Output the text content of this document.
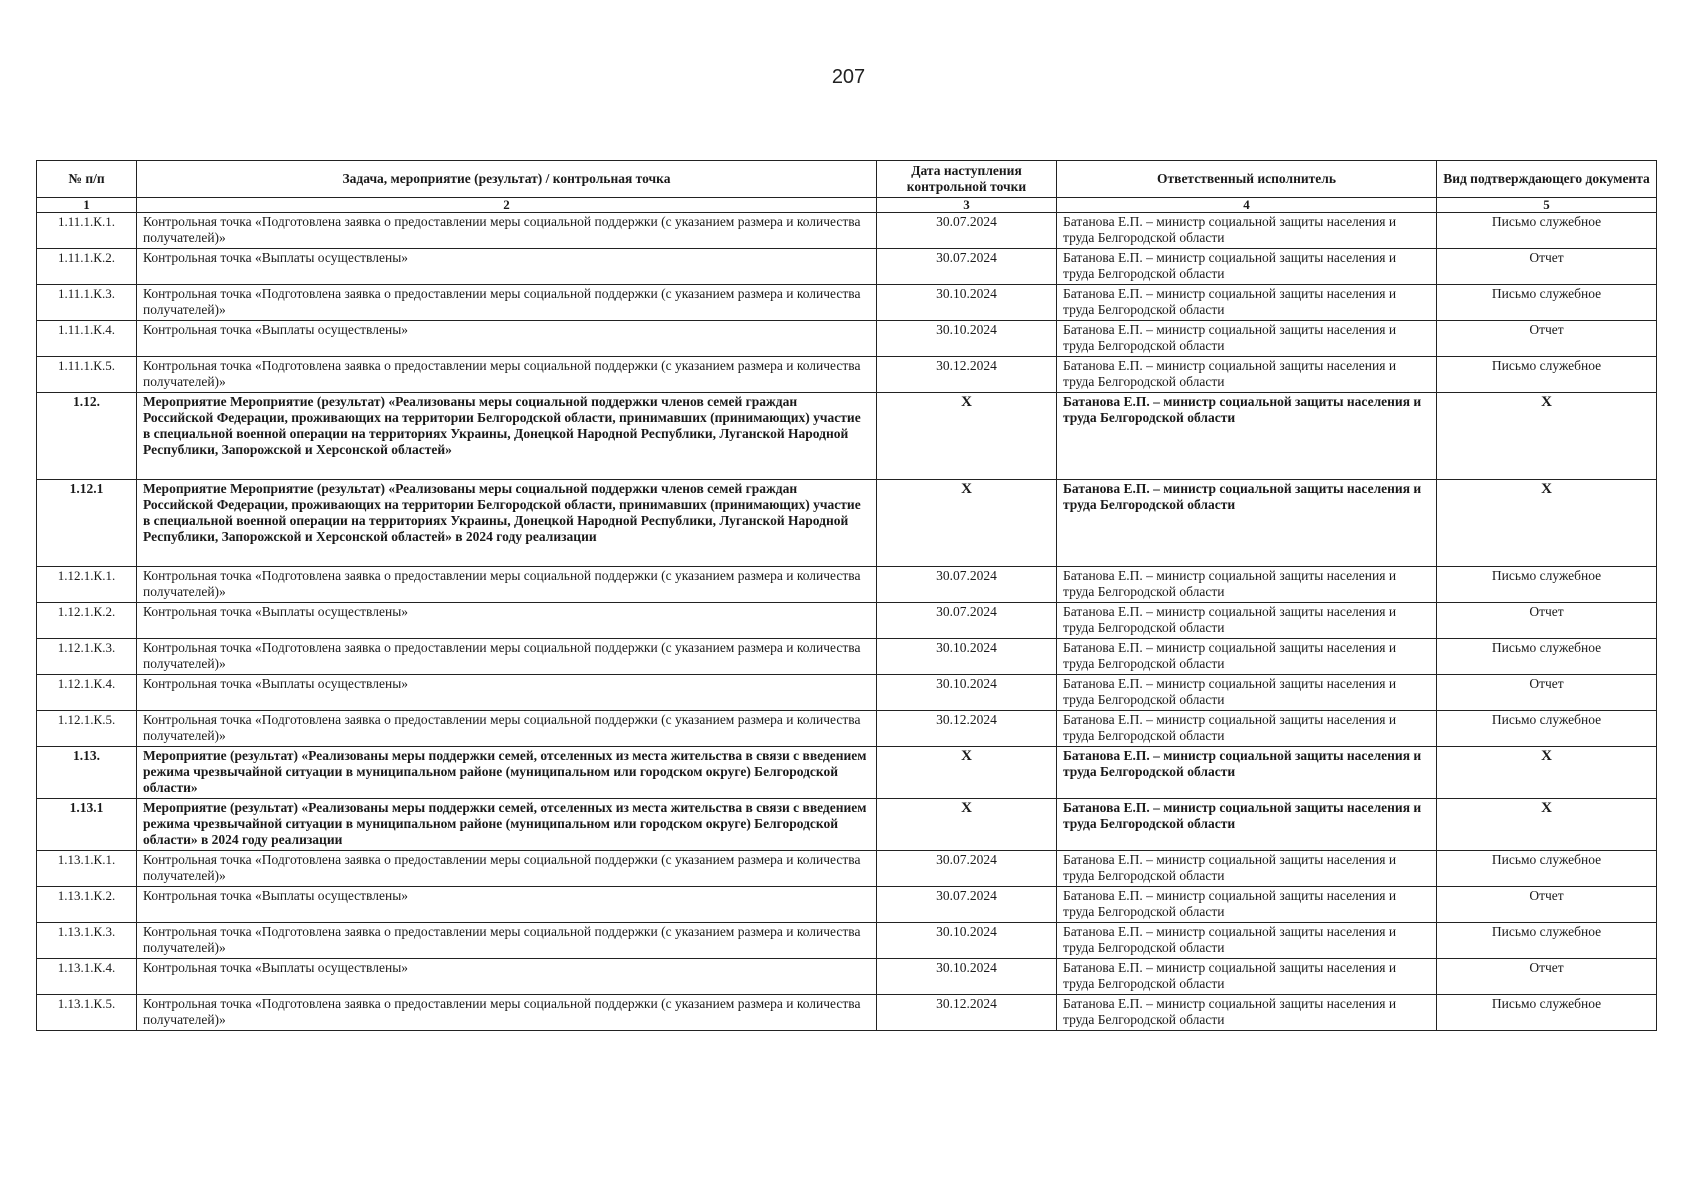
207
№ п/п	Задача, мероприятие (результат) / контрольная точка	Дата наступления контрольной точки	Ответственный исполнитель	Вид подтверждающего документа
1	2	3	4	5
1.11.1.К.1.	Контрольная точка «Подготовлена заявка о предоставлении меры социальной поддержки (с указанием размера и количества получателей)»	30.07.2024	Батанова Е.П. – министр социальной защиты населения и труда Белгородской области	Письмо служебное
1.11.1.К.2.	Контрольная точка «Выплаты осуществлены»	30.07.2024	Батанова Е.П. – министр социальной защиты населения и труда Белгородской области	Отчет
1.11.1.К.3.	Контрольная точка «Подготовлена заявка о предоставлении меры социальной поддержки (с указанием размера и количества получателей)»	30.10.2024	Батанова Е.П. – министр социальной защиты населения и труда Белгородской области	Письмо служебное
1.11.1.К.4.	Контрольная точка «Выплаты осуществлены»	30.10.2024	Батанова Е.П. – министр социальной защиты населения и труда Белгородской области	Отчет
1.11.1.К.5.	Контрольная точка «Подготовлена заявка о предоставлении меры социальной поддержки (с указанием размера и количества получателей)»	30.12.2024	Батанова Е.П. – министр социальной защиты населения и труда Белгородской области	Письмо служебное
1.12.	Мероприятие Мероприятие (результат) «Реализованы меры социальной поддержки членов семей граждан Российской Федерации, проживающих на территории Белгородской области, принимавших (принимающих) участие в специальной военной операции на территориях Украины, Донецкой Народной Республики, Луганской Народной Республики, Запорожской и Херсонской областей»	X	Батанова Е.П. – министр социальной защиты населения и труда Белгородской области	X
1.12.1	Мероприятие Мероприятие (результат) «Реализованы меры социальной поддержки членов семей граждан Российской Федерации, проживающих на территории Белгородской области, принимавших (принимающих) участие в специальной военной операции на территориях Украины, Донецкой Народной Республики, Луганской Народной Республики, Запорожской и Херсонской областей» в 2024 году реализации	X	Батанова Е.П. – министр социальной защиты населения и труда Белгородской области	X
1.12.1.К.1.	Контрольная точка «Подготовлена заявка о предоставлении меры социальной поддержки (с указанием размера и количества получателей)»	30.07.2024	Батанова Е.П. – министр социальной защиты населения и труда Белгородской области	Письмо служебное
1.12.1.К.2.	Контрольная точка «Выплаты осуществлены»	30.07.2024	Батанова Е.П. – министр социальной защиты населения и труда Белгородской области	Отчет
1.12.1.К.3.	Контрольная точка «Подготовлена заявка о предоставлении меры социальной поддержки (с указанием размера и количества получателей)»	30.10.2024	Батанова Е.П. – министр социальной защиты населения и труда Белгородской области	Письмо служебное
1.12.1.К.4.	Контрольная точка «Выплаты осуществлены»	30.10.2024	Батанова Е.П. – министр социальной защиты населения и труда Белгородской области	Отчет
1.12.1.К.5.	Контрольная точка «Подготовлена заявка о предоставлении меры социальной поддержки (с указанием размера и количества получателей)»	30.12.2024	Батанова Е.П. – министр социальной защиты населения и труда Белгородской области	Письмо служебное
1.13.	Мероприятие (результат) «Реализованы меры поддержки семей, отселенных из места жительства в связи с введением режима чрезвычайной ситуации в муниципальном районе (муниципальном или городском округе) Белгородской области»	X	Батанова Е.П. – министр социальной защиты населения и труда Белгородской области	X
1.13.1	Мероприятие (результат) «Реализованы меры поддержки семей, отселенных из места жительства в связи с введением режима чрезвычайной ситуации в муниципальном районе (муниципальном или городском округе) Белгородской области» в 2024 году реализации	X	Батанова Е.П. – министр социальной защиты населения и труда Белгородской области	X
1.13.1.К.1.	Контрольная точка «Подготовлена заявка о предоставлении меры социальной поддержки (с указанием размера и количества получателей)»	30.07.2024	Батанова Е.П. – министр социальной защиты населения и труда Белгородской области	Письмо служебное
1.13.1.К.2.	Контрольная точка «Выплаты осуществлены»	30.07.2024	Батанова Е.П. – министр социальной защиты населения и труда Белгородской области	Отчет
1.13.1.К.3.	Контрольная точка «Подготовлена заявка о предоставлении меры социальной поддержки (с указанием размера и количества получателей)»	30.10.2024	Батанова Е.П. – министр социальной защиты населения и труда Белгородской области	Письмо служебное
1.13.1.К.4.	Контрольная точка «Выплаты осуществлены»	30.10.2024	Батанова Е.П. – министр социальной защиты населения и труда Белгородской области	Отчет
1.13.1.К.5.	Контрольная точка «Подготовлена заявка о предоставлении меры социальной поддержки (с указанием размера и количества получателей)»	30.12.2024	Батанова Е.П. – министр социальной защиты населения и труда Белгородской области	Письмо служебное
